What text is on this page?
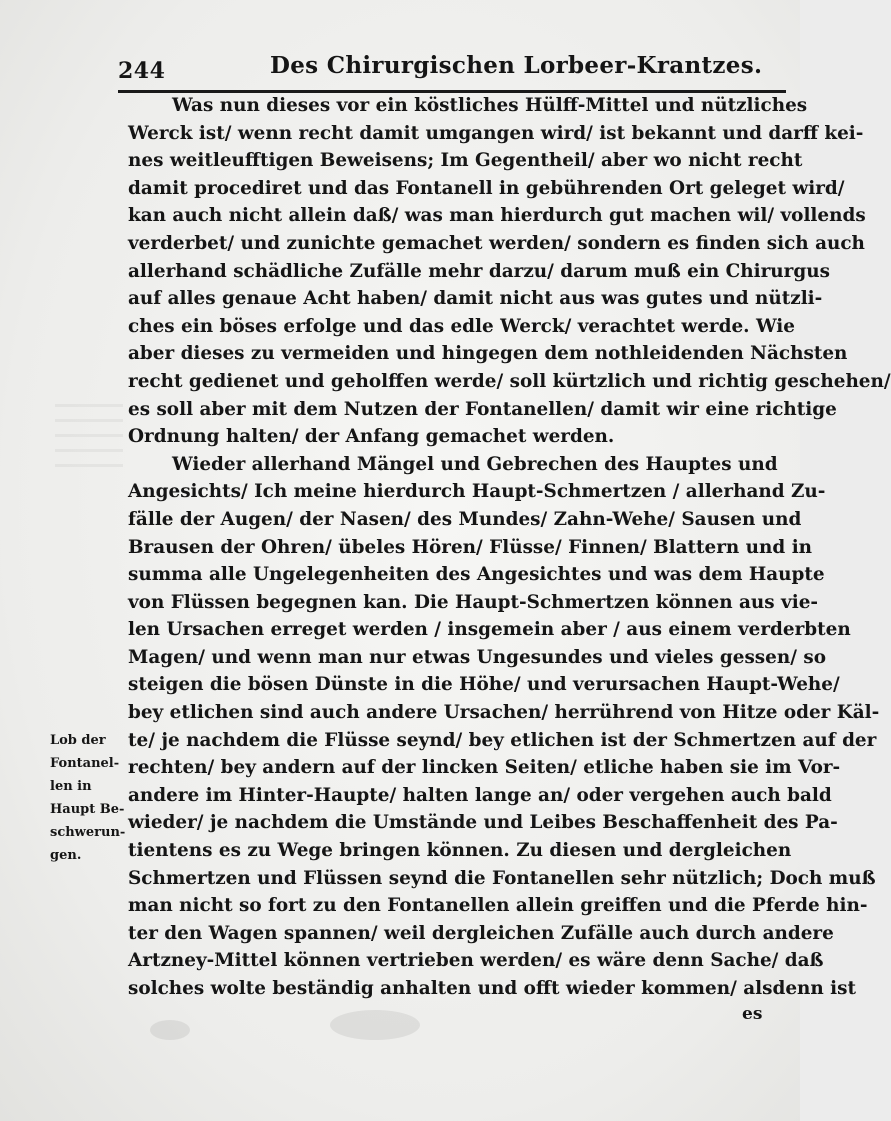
244	Des Chirurgischen Lorbeer-Krantzes.
Was nun dieses vor ein köstliches Hülff-Mittel und nützliches
Werck ist/ wenn recht damit umgangen wird/ ist bekannt und darff kei-
nes weitleufftigen Beweisens; Im Gegentheil/ aber wo nicht recht
damit procediret und das Fontanell in gebührenden Ort geleget wird/
kan auch nicht allein daß/ was man hierdurch gut machen wil/ vollends
verderbet/ und zunichte gemachet werden/ sondern es finden sich auch
allerhand schädliche Zufälle mehr darzu/ darum muß ein Chirurgus
auf alles genaue Acht haben/ damit nicht aus was gutes und nützli-
ches ein böses erfolge und das edle Werck/ verachtet werde. Wie
aber dieses zu vermeiden und hingegen dem nothleidenden Nächsten
recht gedienet und geholffen werde/ soll kürtzlich und richtig geschehen/
es soll aber mit dem Nutzen der Fontanellen/ damit wir eine richtige
Ordnung halten/ der Anfang gemachet werden.
Wieder allerhand Mängel und Gebrechen des Hauptes und
Angesichts/ Ich meine hierdurch Haupt-Schmertzen / allerhand Zu-
fälle der Augen/ der Nasen/ des Mundes/ Zahn-Wehe/ Sausen und
Brausen der Ohren/ übeles Hören/ Flüsse/ Finnen/ Blattern und in
summa alle Ungelegenheiten des Angesichtes und was dem Haupte
von Flüssen begegnen kan. Die Haupt-Schmertzen können aus vie-
len Ursachen erreget werden / insgemein aber / aus einem verderbten
Magen/ und wenn man nur etwas Ungesundes und vieles gessen/ so
steigen die bösen Dünste in die Höhe/ und verursachen Haupt-Wehe/
bey etlichen sind auch andere Ursachen/ herrührend von Hitze oder Käl-
te/ je nachdem die Flüsse seynd/ bey etlichen ist der Schmertzen auf der
rechten/ bey andern auf der lincken Seiten/ etliche haben sie im Vor-
andere im Hinter-Haupte/ halten lange an/ oder vergehen auch bald
wieder/ je nachdem die Umstände und Leibes Beschaffenheit des Pa-
tientens es zu Wege bringen können. Zu diesen und dergleichen
Schmertzen und Flüssen seynd die Fontanellen sehr nützlich; Doch muß
man nicht so fort zu den Fontanellen allein greiffen und die Pferde hin-
ter den Wagen spannen/ weil dergleichen Zufälle auch durch andere
Artzney-Mittel können vertrieben werden/ es wäre denn Sache/ daß
solches wolte beständig anhalten und offt wieder kommen/ alsdenn ist
Lob der
Fontanel-
len in
Haupt Be-
schwerun-
gen.
es
